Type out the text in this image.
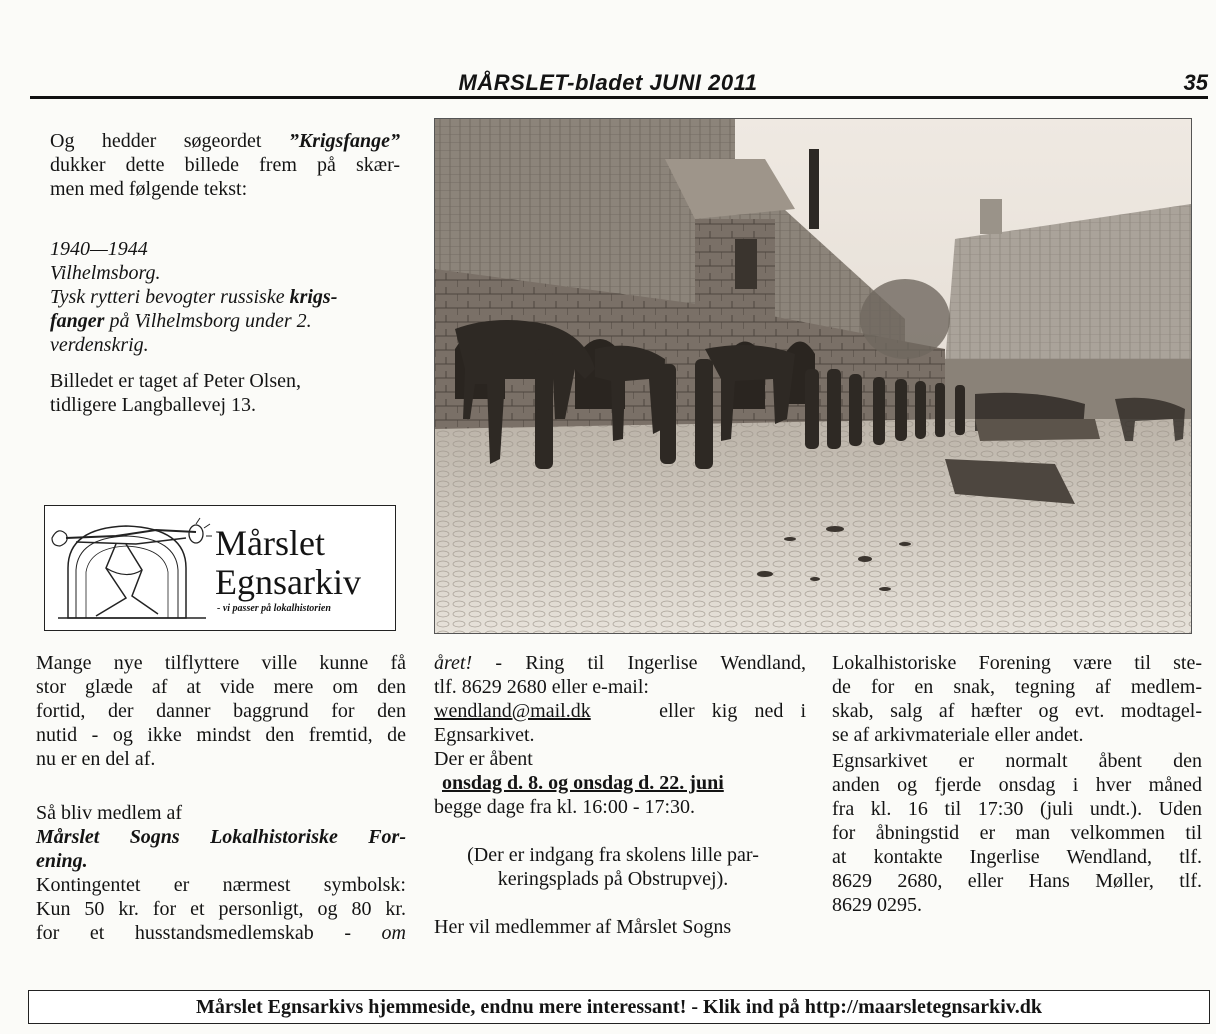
MÅRSLET-bladet JUNI 2011	35
Og hedder søgeordet ”Krigsfange”
dukker dette billede frem på skær-
men med følgende tekst:
1940—1944
Vilhelmsborg.
Tysk rytteri bevogter russiske krigs-
fanger på Vilhelmsborg under 2.
verdenskrig.
Billedet er taget af Peter Olsen,
tidligere Langballevej 13.
Mårslet
Egnsarkiv
- vi passer på lokalhistorien
Mange nye tilflyttere ville kunne få
stor glæde af at vide mere om den
fortid, der danner baggrund for den
nutid - og ikke mindst den fremtid, de
nu er en del af.
Så bliv medlem af
Mårslet Sogns Lokalhistoriske For-
ening.
Kontingentet er nærmest symbolsk:
Kun 50 kr. for et personligt, og 80 kr.
for et husstandsmedlemskab - om
året! - Ring til Ingerlise Wendland,
tlf. 8629 2680 eller e-mail:
wendland@mail.dk	eller kig ned i
Egnsarkivet.
Der er åbent
onsdag d. 8. og onsdag d. 22. juni
begge dage fra kl. 16:00 - 17:30.
(Der er indgang fra skolens lille par-
keringsplads på Obstrupvej).
Her vil medlemmer af Mårslet Sogns
Lokalhistoriske Forening være til ste-
de for en snak, tegning af medlem-
skab, salg af hæfter og evt. modtagel-
se af arkivmateriale eller andet.
Egnsarkivet er normalt åbent den
anden og fjerde onsdag i hver måned
fra kl. 16 til 17:30 (juli undt.). Uden
for åbningstid er man velkommen til
at kontakte Ingerlise Wendland, tlf.
8629 2680, eller Hans Møller, tlf.
8629 0295.
Mårslet Egnsarkivs hjemmeside, endnu mere interessant! - Klik ind på http://maarsletegnsarkiv.dk
